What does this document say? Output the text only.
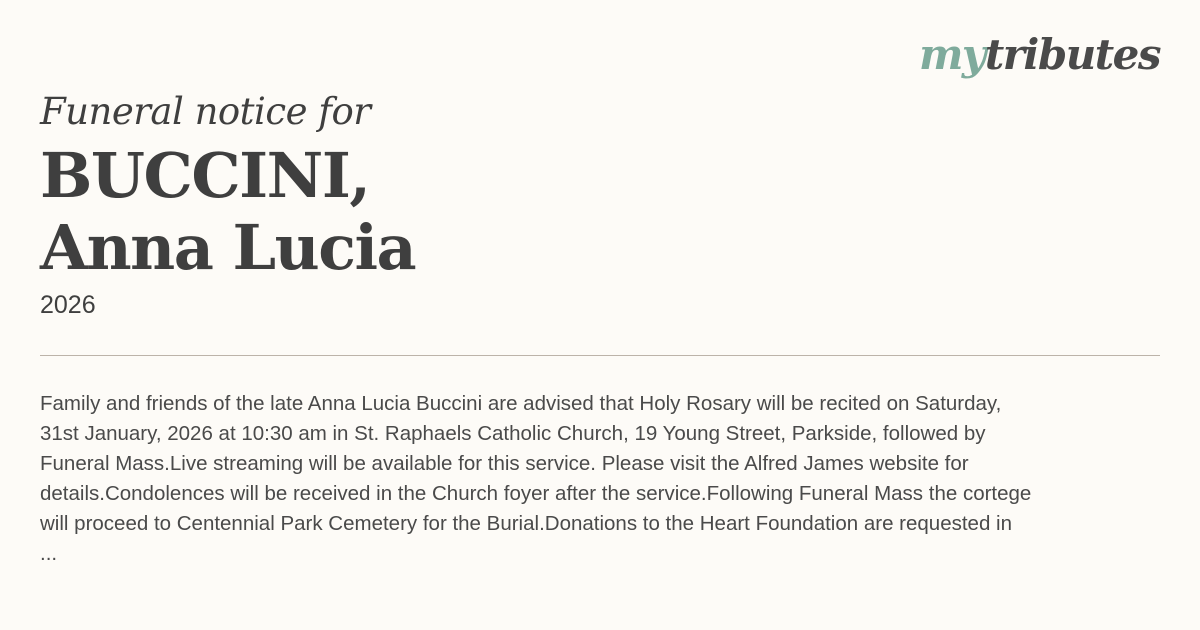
mytributes
Funeral notice for
BUCCINI,
Anna Lucia
2026
Family and friends of the late Anna Lucia Buccini are advised that Holy Rosary will be recited on Saturday,
31st January, 2026 at 10:30 am in St. Raphaels Catholic Church, 19 Young Street, Parkside, followed by
Funeral Mass.Live streaming will be available for this service. Please visit the Alfred James website for
details.Condolences will be received in the Church foyer after the service.Following Funeral Mass the cortege
will proceed to Centennial Park Cemetery for the Burial.Donations to the Heart Foundation are requested in
...
